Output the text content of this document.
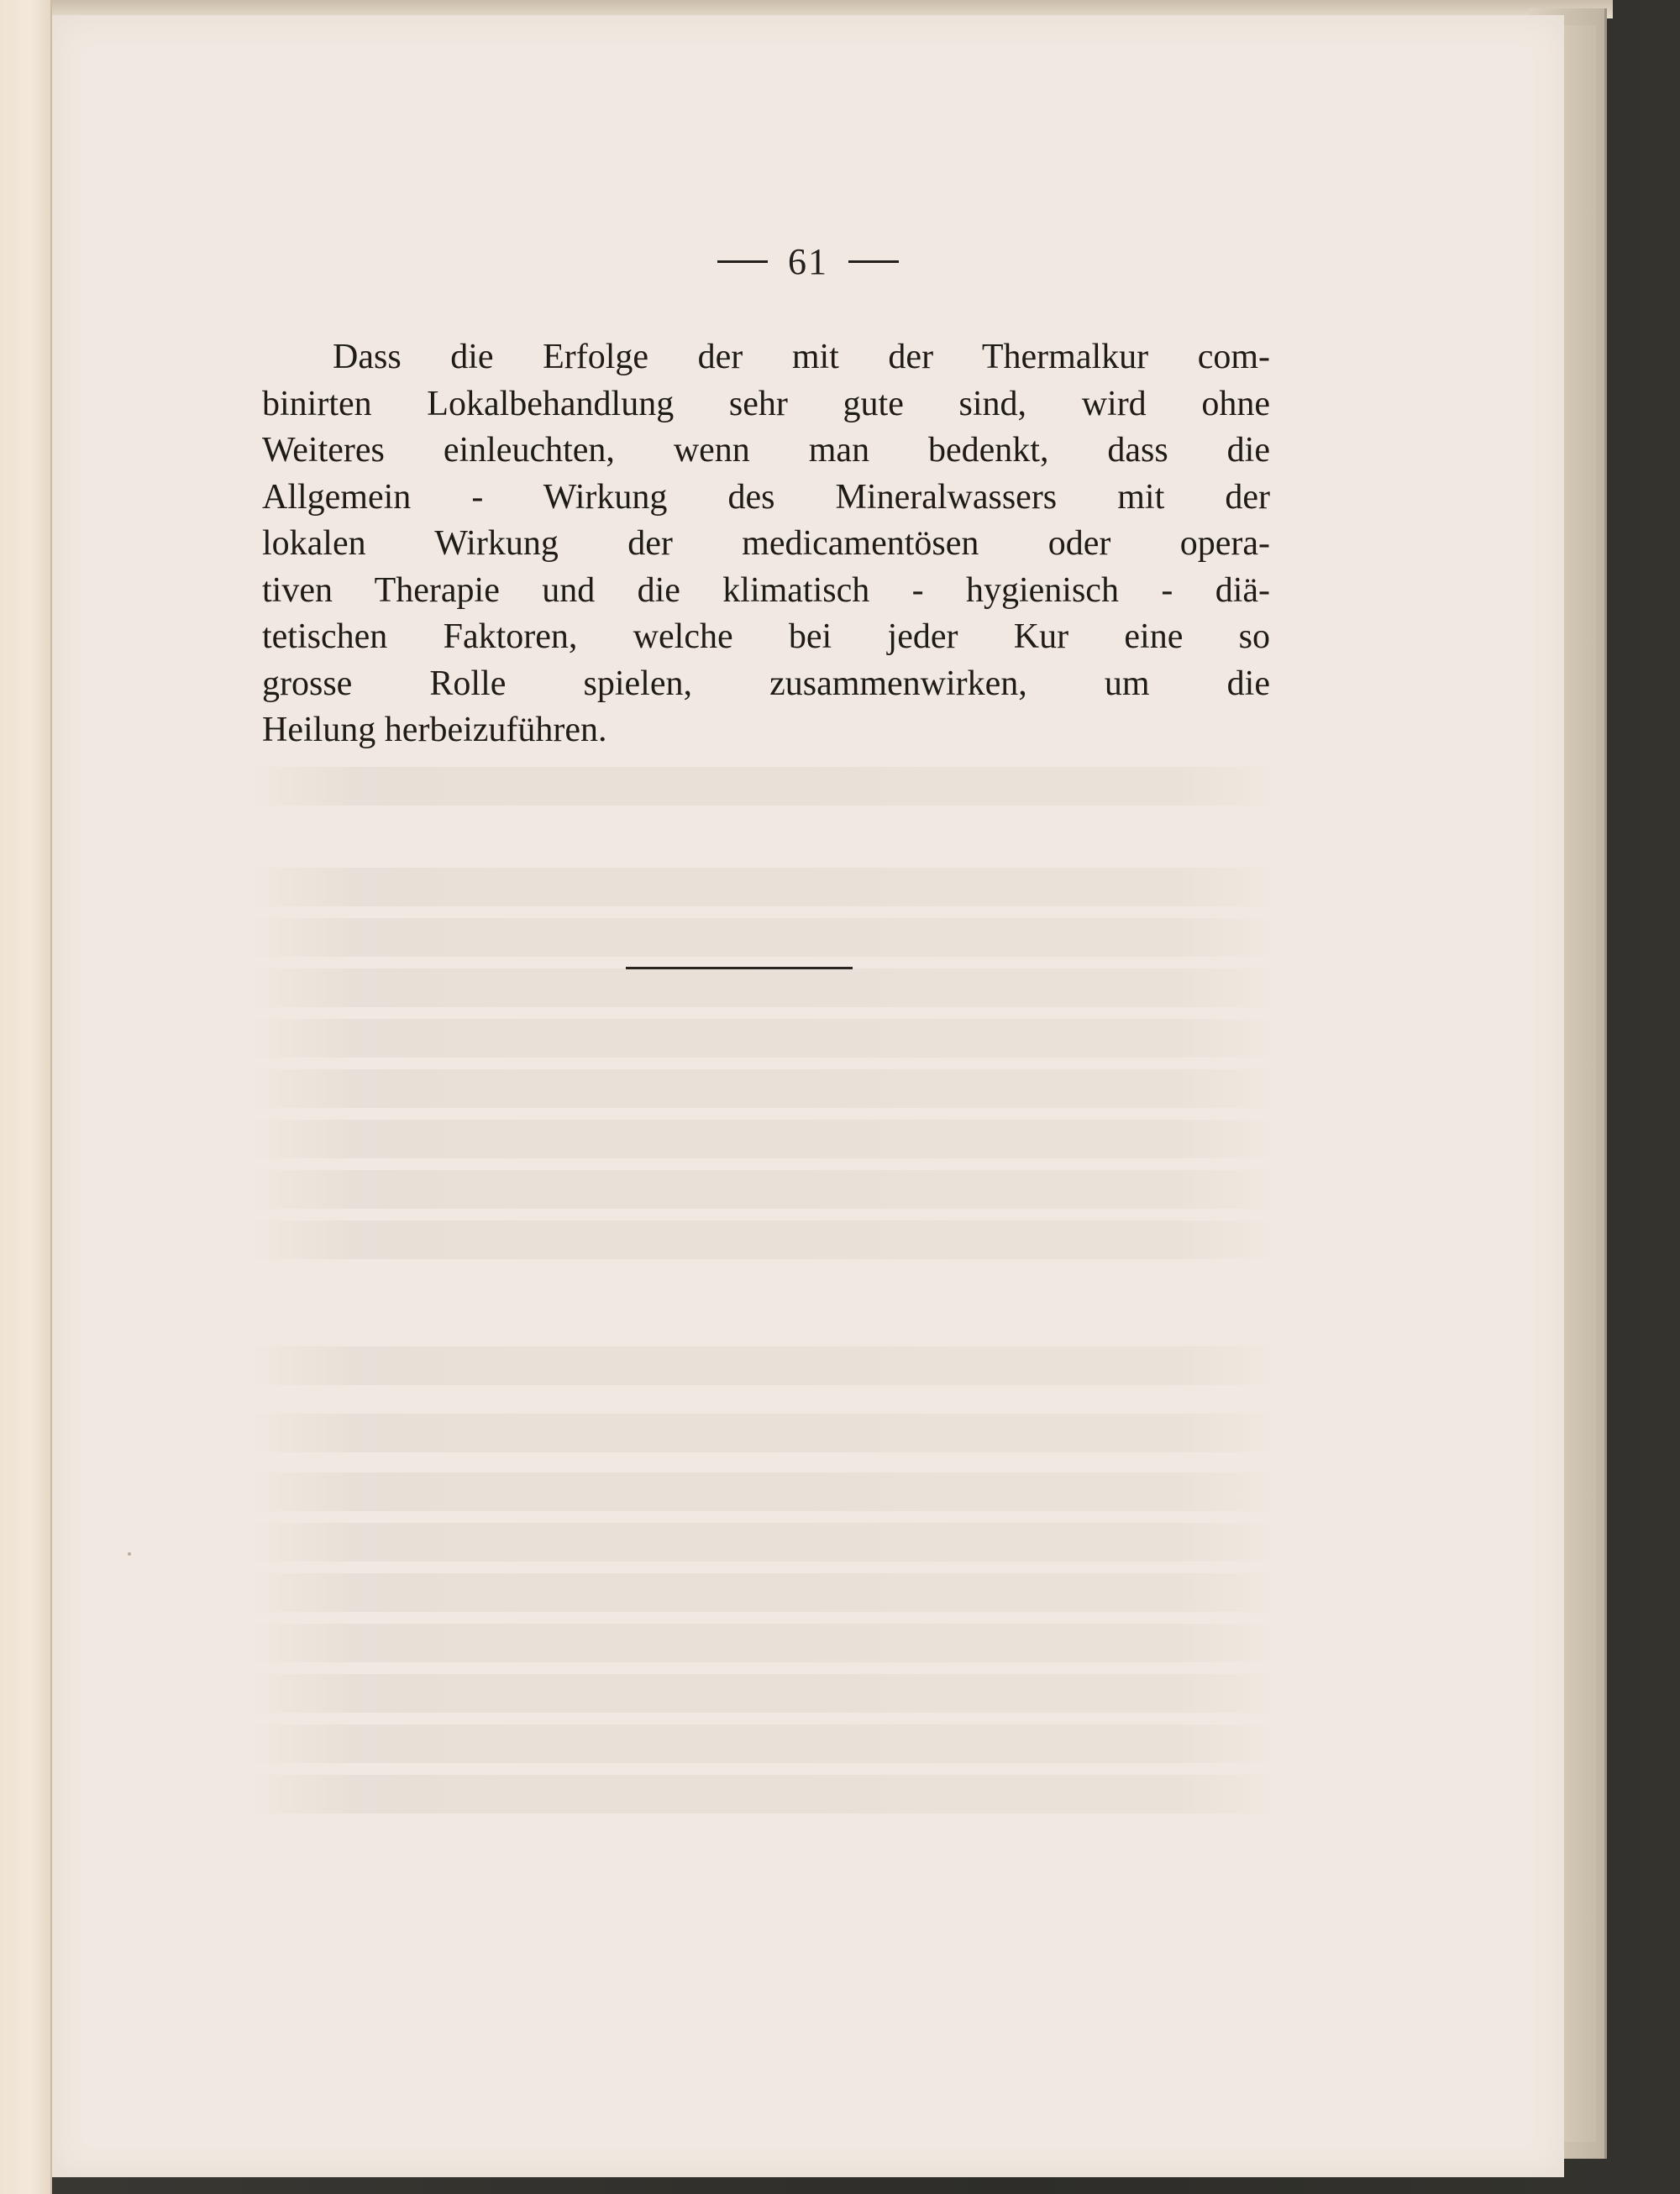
61
Dass die Erfolge der mit der Thermalkur com-
binirten Lokalbehandlung sehr gute sind, wird ohne
Weiteres einleuchten, wenn man bedenkt, dass die
Allgemein - Wirkung des Mineralwassers mit der
lokalen Wirkung der medicamentösen oder opera-
tiven Therapie und die klimatisch - hygienisch - diä-
tetischen Faktoren, welche bei jeder Kur eine so
grosse Rolle spielen, zusammenwirken, um die
Heilung herbeizuführen.
